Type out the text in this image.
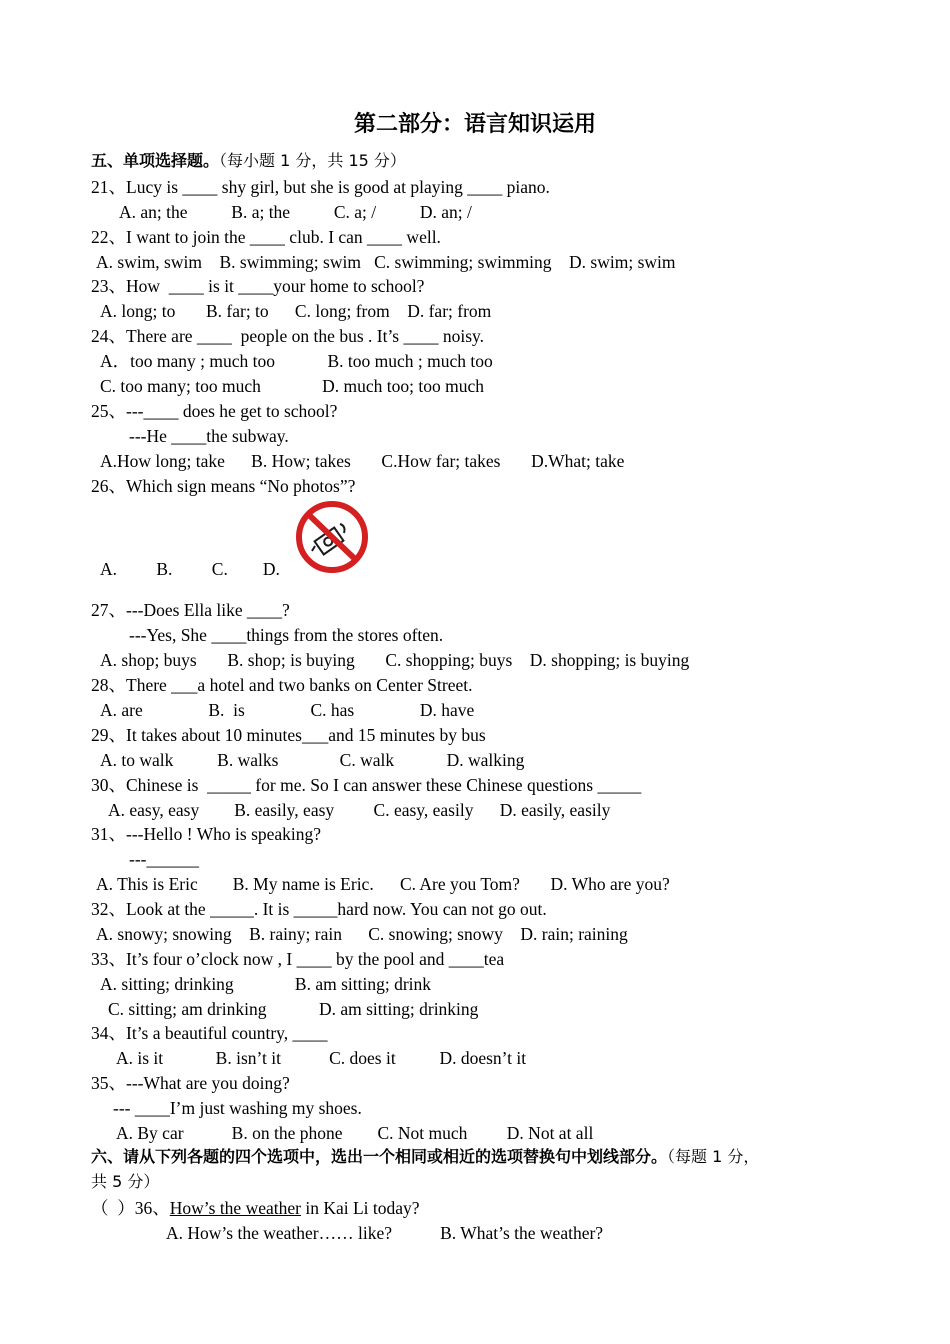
第二部分：语言知识运用
五、单项选择题。（每小题 1 分，共 15 分）
21、Lucy is ____ shy girl, but she is good at playing ____ piano.
A. an; the          B. a; the          C. a; /          D. an; /
22、I want to join the ____ club. I can ____ well.
A. swim, swim    B. swimming; swim   C. swimming; swimming    D. swim; swim
23、How  ____ is it ____your home to school?
A. long; to       B. far; to      C. long; from    D. far; from
24、There are ____  people on the bus . It’s ____ noisy.
A．too many ; much too            B. too much ; much too
C. too many; too much              D. much too; too much
25、---____ does he get to school?
---He ____the subway.
A.How long; take      B. How; takes       C.How far; takes       D.What; take
26、Which sign means “No photos”?
A.         B.         C.        D.
27、---Does Ella like ____?
---Yes, She ____things from the stores often.
A. shop; buys       B. shop; is buying       C. shopping; buys    D. shopping; is buying
28、There ___a hotel and two banks on Center Street.
A. are               B.  is               C. has               D. have
29、It takes about 10 minutes___and 15 minutes by bus
A. to walk          B. walks              C. walk            D. walking
30、Chinese is  _____ for me. So I can answer these Chinese questions _____
A. easy, easy        B. easily, easy         C. easy, easily      D. easily, easily
31、---Hello ! Who is speaking?
---______
A. This is Eric        B. My name is Eric.      C. Are you Tom?       D. Who are you?
32、Look at the _____. It is _____hard now. You can not go out.
A. snowy; snowing    B. rainy; rain      C. snowing; snowy    D. rain; raining
33、It’s four o’clock now , I ____ by the pool and ____tea
A. sitting; drinking              B. am sitting; drink
C. sitting; am drinking            D. am sitting; drinking
34、It’s a beautiful country, ____
A. is it            B. isn’t it           C. does it          D. doesn’t it
35、---What are you doing?
--- ____I’m just washing my shoes.
A. By car           B. on the phone        C. Not much         D. Not at all
六、请从下列各题的四个选项中，选出一个相同或相近的选项替换句中划线部分。（每题 1 分，
共 5 分）
（  ）36、How’s the weather in Kai Li today?
A. How’s the weather…… like?           B. What’s the weather?
